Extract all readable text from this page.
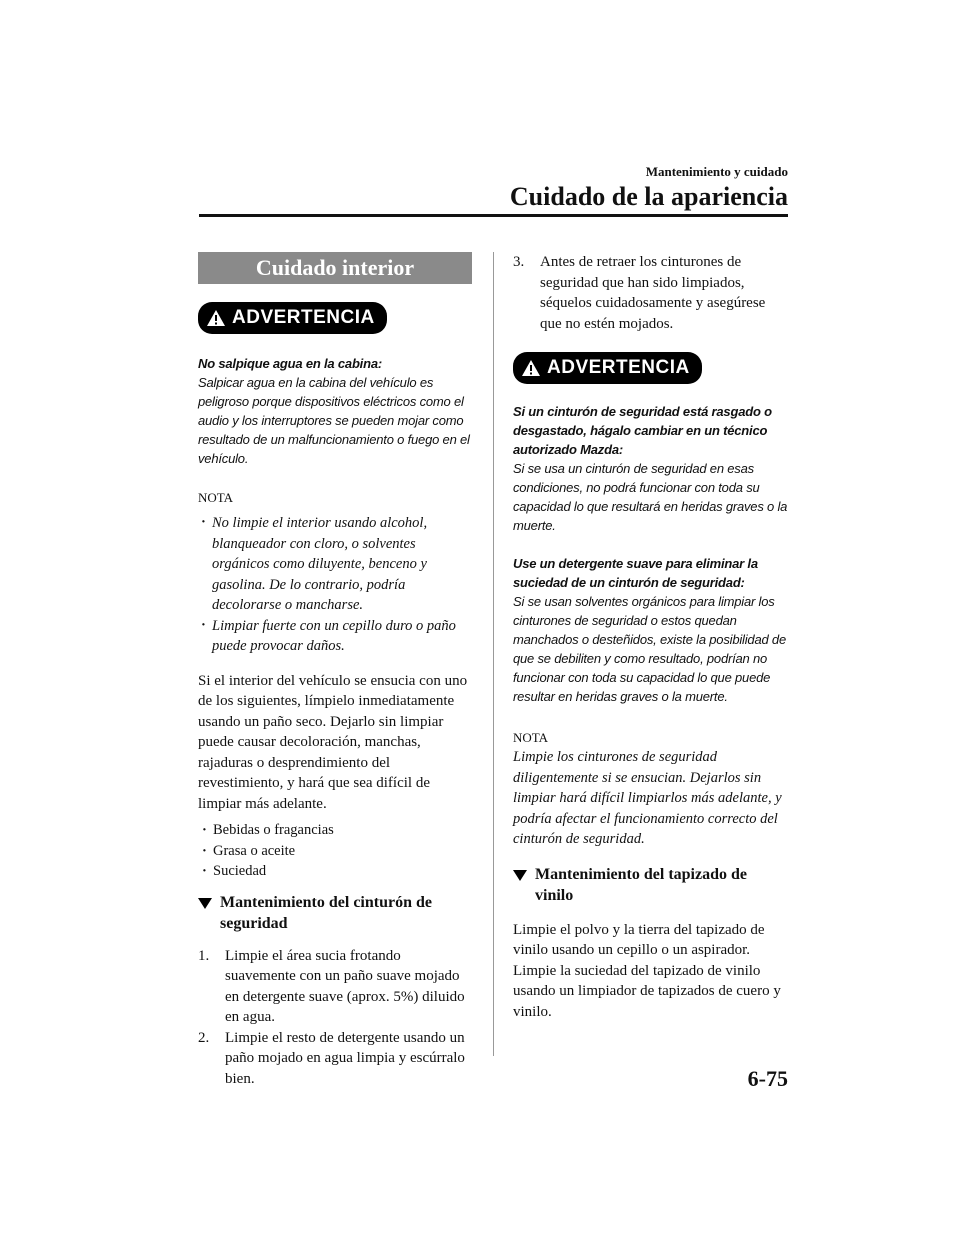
Mantenimiento y cuidado
Cuidado de la apariencia
Cuidado interior
ADVERTENCIA
No salpique agua en la cabina:
Salpicar agua en la cabina del vehículo es peligroso porque dispositivos eléctricos como el audio y los interruptores se pueden mojar como resultado de un malfuncionamiento o fuego en el vehículo.
NOTA
· No limpie el interior usando alcohol, blanqueador con cloro, o solventes orgánicos como diluyente, benceno y gasolina. De lo contrario, podría decolorarse o mancharse.
· Limpiar fuerte con un cepillo duro o paño puede provocar daños.
Si el interior del vehículo se ensucia con uno de los siguientes, límpielo inmediatamente usando un paño seco. Dejarlo sin limpiar puede causar decoloración, manchas, rajaduras o desprendimiento del revestimiento, y hará que sea difícil de limpiar más adelante.
· Bebidas o fragancias
· Grasa o aceite
· Suciedad
Mantenimiento del cinturón de seguridad
1. Limpie el área sucia frotando suavemente con un paño suave mojado en detergente suave (aprox. 5%) diluido en agua.
2. Limpie el resto de detergente usando un paño mojado en agua limpia y escúrralo bien.
3. Antes de retraer los cinturones de seguridad que han sido limpiados, séquelos cuidadosamente y asegúrese que no estén mojados.
ADVERTENCIA
Si un cinturón de seguridad está rasgado o desgastado, hágalo cambiar en un técnico autorizado Mazda:
Si se usa un cinturón de seguridad en esas condiciones, no podrá funcionar con toda su capacidad lo que resultará en heridas graves o la muerte.
Use un detergente suave para eliminar la suciedad de un cinturón de seguridad:
Si se usan solventes orgánicos para limpiar los cinturones de seguridad o estos quedan manchados o desteñidos, existe la posibilidad de que se debiliten y como resultado, podrían no funcionar con toda su capacidad lo que puede resultar en heridas graves o la muerte.
NOTA
Limpie los cinturones de seguridad diligentemente si se ensucian. Dejarlos sin limpiar hará difícil limpiarlos más adelante, y podría afectar el funcionamiento correcto del cinturón de seguridad.
Mantenimiento del tapizado de vinilo
Limpie el polvo y la tierra del tapizado de vinilo usando un cepillo o un aspirador. Limpie la suciedad del tapizado de vinilo usando un limpiador de tapizados de cuero y vinilo.
6-75
